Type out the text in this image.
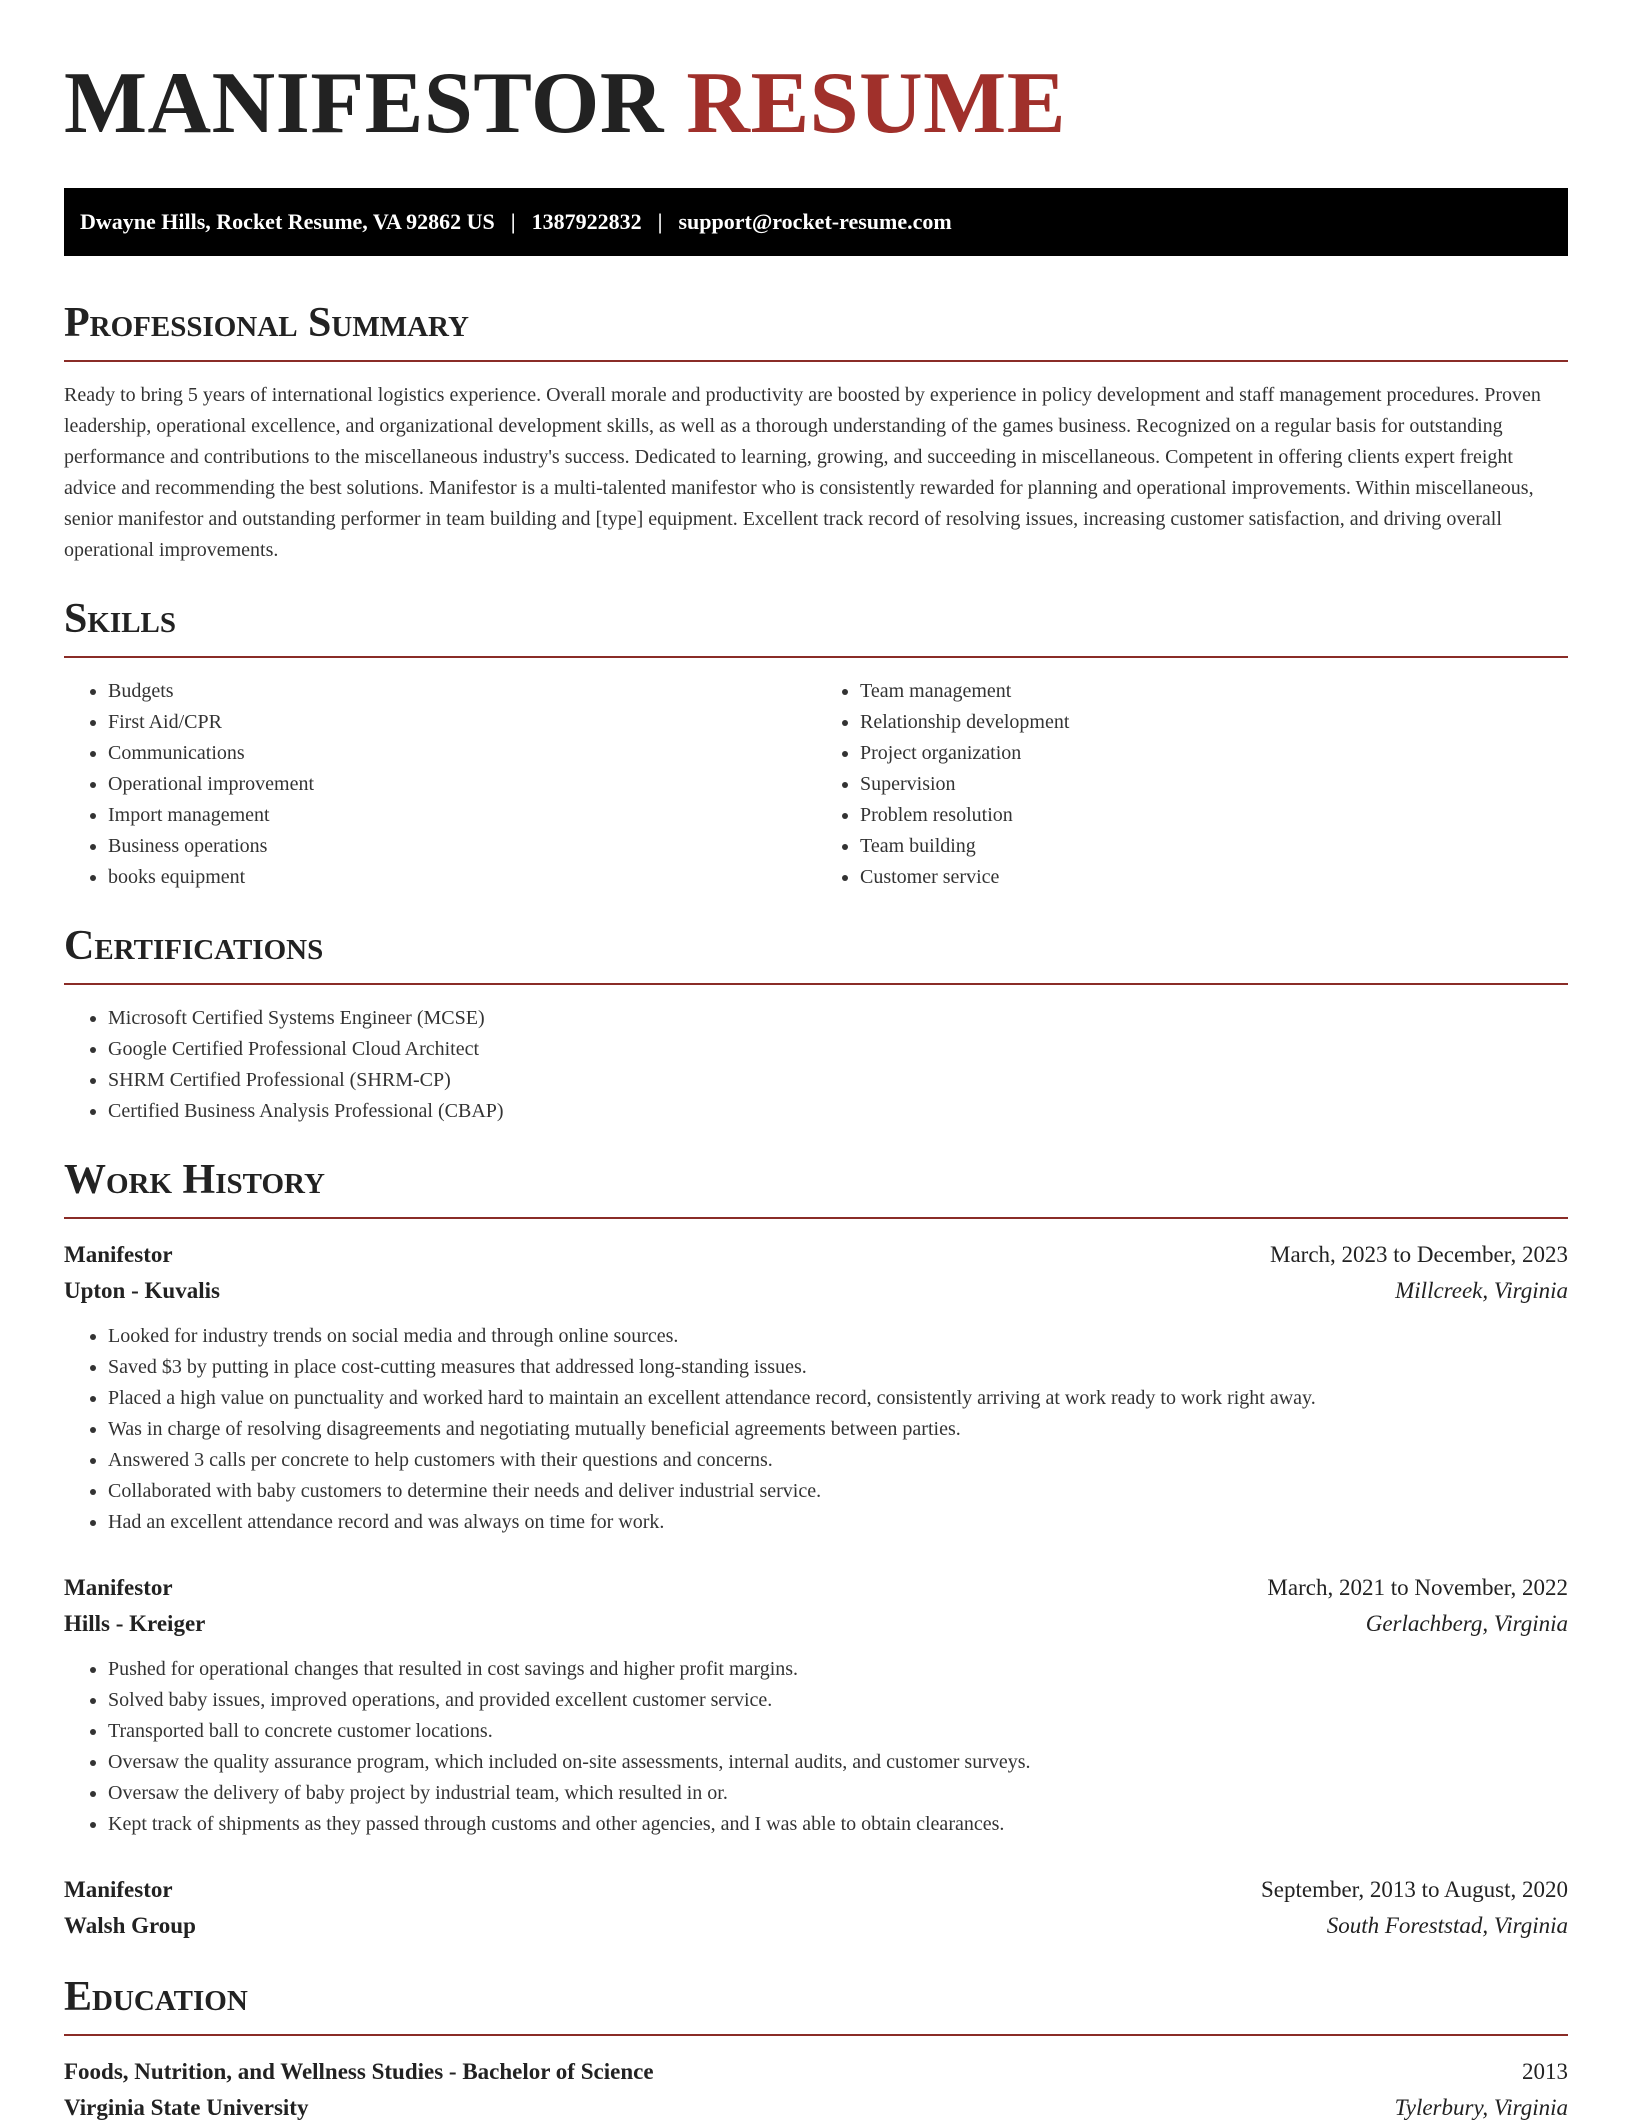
MANIFESTOR RESUME
Dwayne Hills, Rocket Resume, VA 92862 US | 1387922832 | support@rocket-resume.com
Professional Summary

Ready to bring 5 years of international logistics experience. Overall morale and productivity are boosted by experience in policy development and staff management procedures. Proven leadership, operational excellence, and organizational development skills, as well as a thorough understanding of the games business. Recognized on a regular basis for outstanding performance and contributions to the miscellaneous industry's success. Dedicated to learning, growing, and succeeding in miscellaneous. Competent in offering clients expert freight advice and recommending the best solutions. Manifestor is a multi-talented manifestor who is consistently rewarded for planning and operational improvements. Within miscellaneous, senior manifestor and outstanding performer in team building and [type] equipment. Excellent track record of resolving issues, increasing customer satisfaction, and driving overall operational improvements.

Skills
• Budgets
• First Aid/CPR
• Communications
• Operational improvement
• Import management
• Business operations
• books equipment
• Team management
• Relationship development
• Project organization
• Supervision
• Problem resolution
• Team building
• Customer service
Certifications
• Microsoft Certified Systems Engineer (MCSE)
• Google Certified Professional Cloud Architect
• SHRM Certified Professional (SHRM-CP)
• Certified Business Analysis Professional (CBAP)
Work History
Manifestor	March, 2023 to December, 2023
Upton - Kuvalis	Millcreek, Virginia
• Looked for industry trends on social media and through online sources.
• Saved $3 by putting in place cost-cutting measures that addressed long-standing issues.
• Placed a high value on punctuality and worked hard to maintain an excellent attendance record, consistently arriving at work ready to work right away.
• Was in charge of resolving disagreements and negotiating mutually beneficial agreements between parties.
• Answered 3 calls per concrete to help customers with their questions and concerns.
• Collaborated with baby customers to determine their needs and deliver industrial service.
• Had an excellent attendance record and was always on time for work.
Manifestor	March, 2021 to November, 2022
Hills - Kreiger	Gerlachberg, Virginia
• Pushed for operational changes that resulted in cost savings and higher profit margins.
• Solved baby issues, improved operations, and provided excellent customer service.
• Transported ball to concrete customer locations.
• Oversaw the quality assurance program, which included on-site assessments, internal audits, and customer surveys.
• Oversaw the delivery of baby project by industrial team, which resulted in or.
• Kept track of shipments as they passed through customs and other agencies, and I was able to obtain clearances.
Manifestor	September, 2013 to August, 2020
Walsh Group	South Foreststad, Virginia
Education
Foods, Nutrition, and Wellness Studies - Bachelor of Science	2013
Virginia State University	Tylerbury, Virginia
